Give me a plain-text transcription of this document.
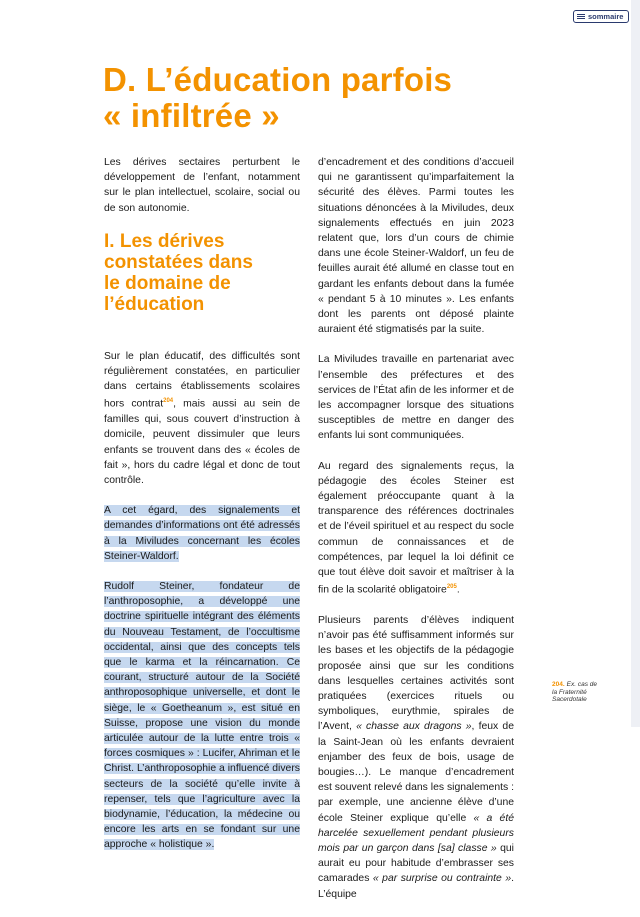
sommaire
D. L’éducation parfois
« infiltrée »

Les dérives sectaires perturbent le développement de l’enfant, notamment sur le plan intellectuel, scolaire, social ou de son autonomie.

I. Les dérives
constatées dans
le domaine de
l’éducation

Sur le plan éducatif, des difficultés sont régulièrement constatées, en particulier dans certains établissements scolaires hors contrat$^{204}$, mais aussi au sein de familles qui, sous couvert d’instruction à domicile, peuvent dissimuler que leurs enfants se trouvent dans des « écoles de fait », hors du cadre légal et donc de tout contrôle.

A cet égard, des signalements et demandes d’informations ont été adressés à la Miviludes concernant les écoles Steiner-Waldorf.

Rudolf Steiner, fondateur de l’anthroposophie, a développé une doctrine spirituelle intégrant des éléments du Nouveau Testament, de l’occultisme occidental, ainsi que des concepts tels que le karma et la réincarnation. Ce courant, structuré autour de la Société anthroposophique universelle, et dont le siège, le « Goetheanum », est situé en Suisse, propose une vision du monde articulée autour de la lutte entre trois « forces cosmiques » : Lucifer, Ahriman et le Christ. L’anthroposophie a influencé divers secteurs de la société qu’elle invite à repenser, tels que l’agriculture avec la biodynamie, l’éducation, la médecine ou encore les arts en se fondant sur une approche « holistique ».

d’encadrement et des conditions d’accueil qui ne garantissent qu’imparfaitement la sécurité des élèves. Parmi toutes les situations dénoncées à la Miviludes, deux signalements effectués en juin 2023 relatent que, lors d’un cours de chimie dans une école Steiner-Waldorf, un feu de feuilles aurait été allumé en classe tout en gardant les enfants debout dans la fumée « pendant 5 à 10 minutes ». Les enfants dont les parents ont déposé plainte auraient été stigmatisés par la suite.

La Miviludes travaille en partenariat avec l’ensemble des préfectures et des services de l’État afin de les informer et de les accompagner lorsque des situations susceptibles de mettre en danger des enfants lui sont communiquées.

Au regard des signalements reçus, la pédagogie des écoles Steiner est également préoccupante quant à la transparence des références doctrinales et de l’éveil spirituel et au respect du socle commun de connaissances et de compétences, par lequel la loi définit ce que tout élève doit savoir et maîtriser à la fin de la scolarité obligatoire$^{205}$.

Plusieurs parents d’élèves indiquent n’avoir pas été suffisamment informés sur les bases et les objectifs de la pédagogie proposée ainsi que sur les conditions dans lesquelles certaines activités sont pratiquées (exercices rituels ou symboliques, eurythmie, spirales de l’Avent, « chasse aux dragons », feux de la Saint-Jean où les enfants devraient enjamber des feux de bois, usage de bougies…). Le manque d’encadrement est souvent relevé dans les signalements : par exemple, une ancienne élève d’une école Steiner explique qu’elle « a été harcelée sexuellement pendant plusieurs mois par un garçon dans [sa] classe » qui aurait eu pour habitude d’embrasser ses camarades « par surprise ou contrainte ». L’équipe

204. Ex. cas de
la Fraternité
Sacerdotale
